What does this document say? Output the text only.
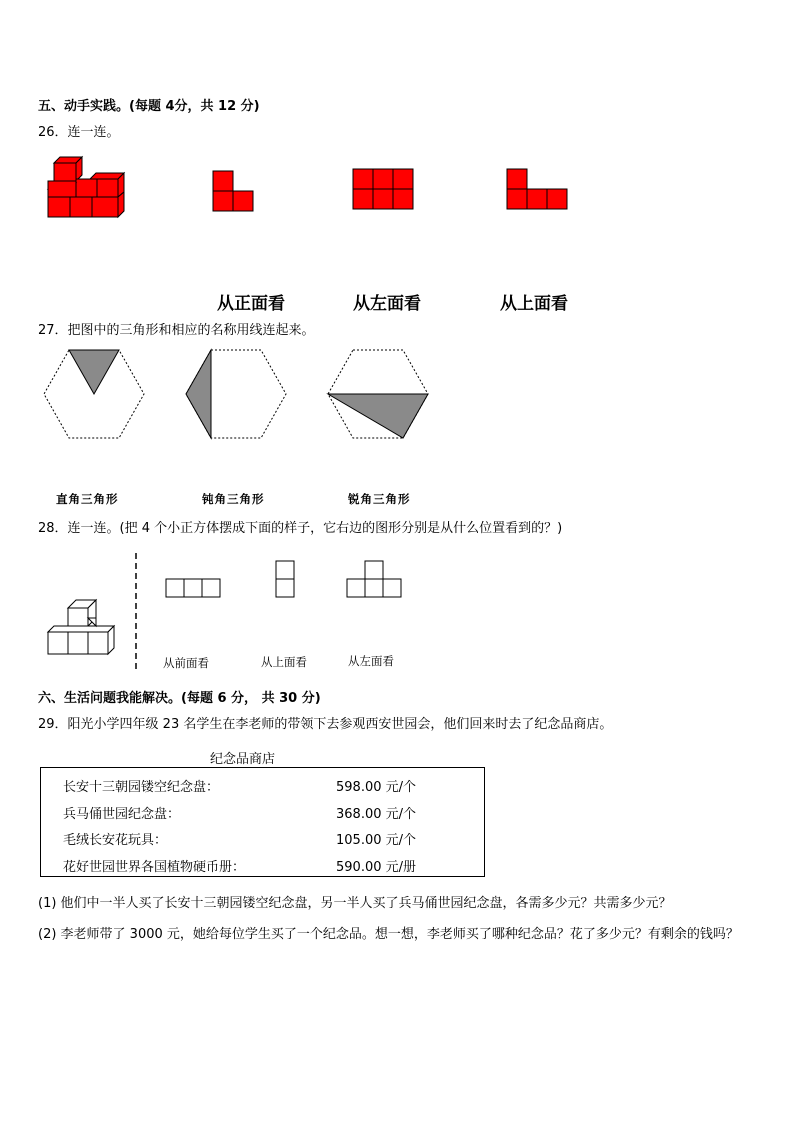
五、动手实践。(每题 4分，共 12 分)
26．连一连。
从正面看	从左面看	从上面看
27．把图中的三角形和相应的名称用线连起来。
直角三角形	钝角三角形	锐角三角形
28．连一连。(把 4 个小正方体摆成下面的样子，它右边的图形分别是从什么位置看到的？)
从前面看	从上面看	从左面看
六、生活问题我能解决。(每题 6 分， 共 30 分)
29．阳光小学四年级 23 名学生在李老师的带领下去参观西安世园会，他们回来时去了纪念品商店。
纪念品商店
长安十三朝园镂空纪念盘：	598.00 元/个
兵马俑世园纪念盘：	368.00 元/个
毛绒长安花玩具：	105.00 元/个
花好世园世界各国植物硬币册：	590.00 元/册
(1) 他们中一半人买了长安十三朝园镂空纪念盘，另一半人买了兵马俑世园纪念盘，各需多少元？共需多少元？
(2) 李老师带了 3000 元，她给每位学生买了一个纪念品。想一想，李老师买了哪种纪念品？花了多少元？有剩余的钱吗？
